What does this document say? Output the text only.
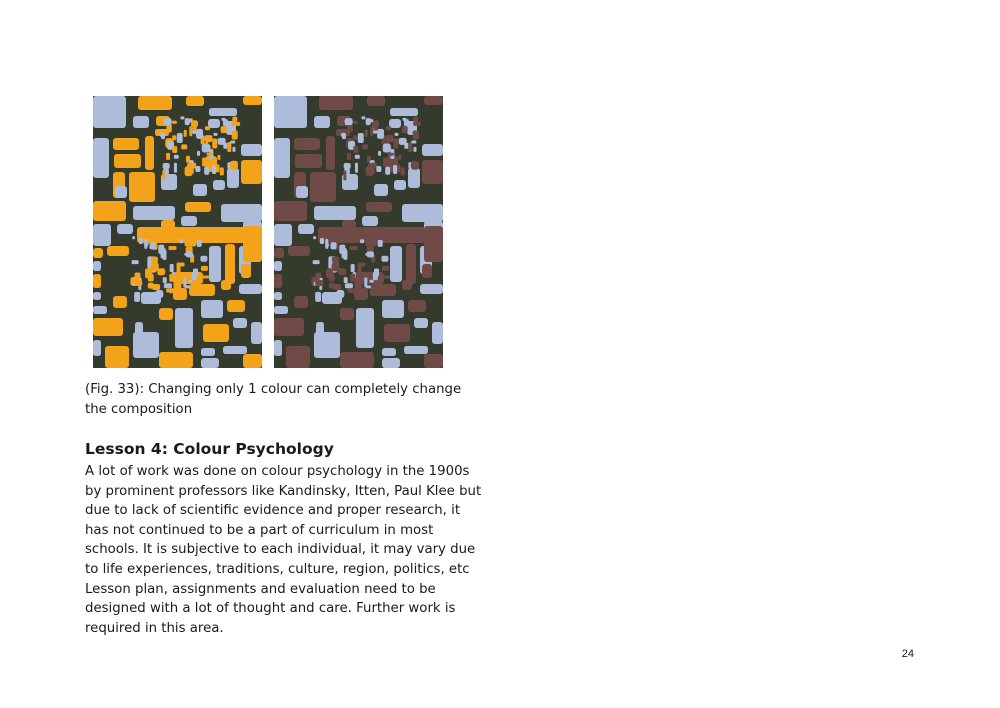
(Fig. 33): Changing only 1 colour can completely change the composition

Lesson 4: Colour Psychology

A lot of work was done on colour psychology in the 1900s by prominent professors like Kandinsky, Itten, Paul Klee but due to lack of scientific evidence and proper research, it has not continued to be a part of curriculum in most schools. It is subjective to each individual, it may vary due to life experiences, traditions, culture, region, politics, etc
Lesson plan, assignments and evaluation need to be designed with a lot of thought and care. Further work is required in this area.

24
